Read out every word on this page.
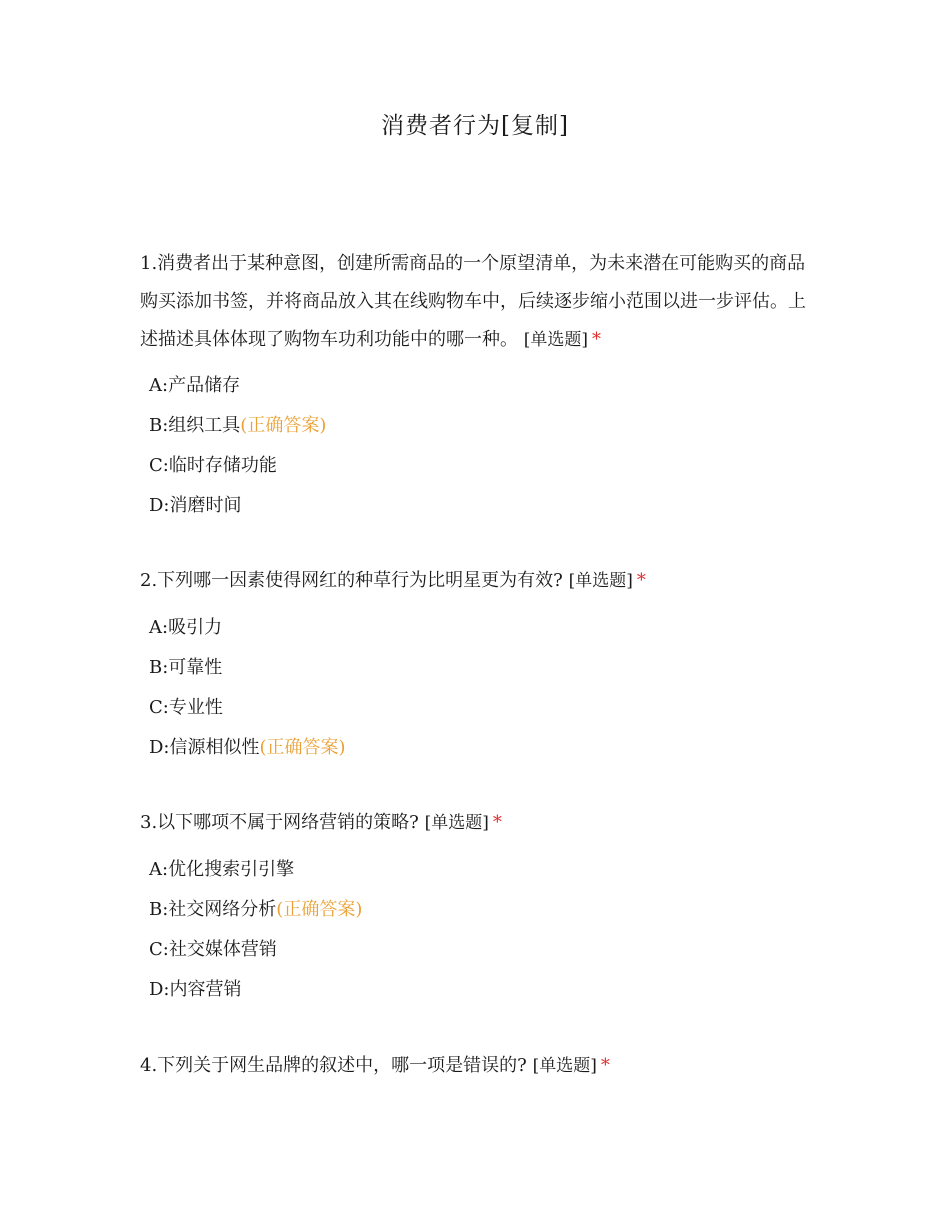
消费者行为[复制]
1.消费者出于某种意图，创建所需商品的一个原望清单，为未来潜在可能购买的商品购买添加书签，并将商品放入其在线购物车中，后续逐步缩小范围以进一步评估。上述描述具体体现了购物车功利功能中的哪一种。 [单选题] *
A:产品储存
B:组织工具(正确答案)
C:临时存储功能
D:消磨时间
2.下列哪一因素使得网红的种草行为比明星更为有效? [单选题] *
A:吸引力
B:可靠性
C:专业性
D:信源相似性(正确答案)
3.以下哪项不属于网络营销的策略? [单选题] *
A:优化搜索引引擎
B:社交网络分析(正确答案)
C:社交媒体营销
D:内容营销
4.下列关于网生品牌的叙述中，哪一项是错误的? [单选题] *
